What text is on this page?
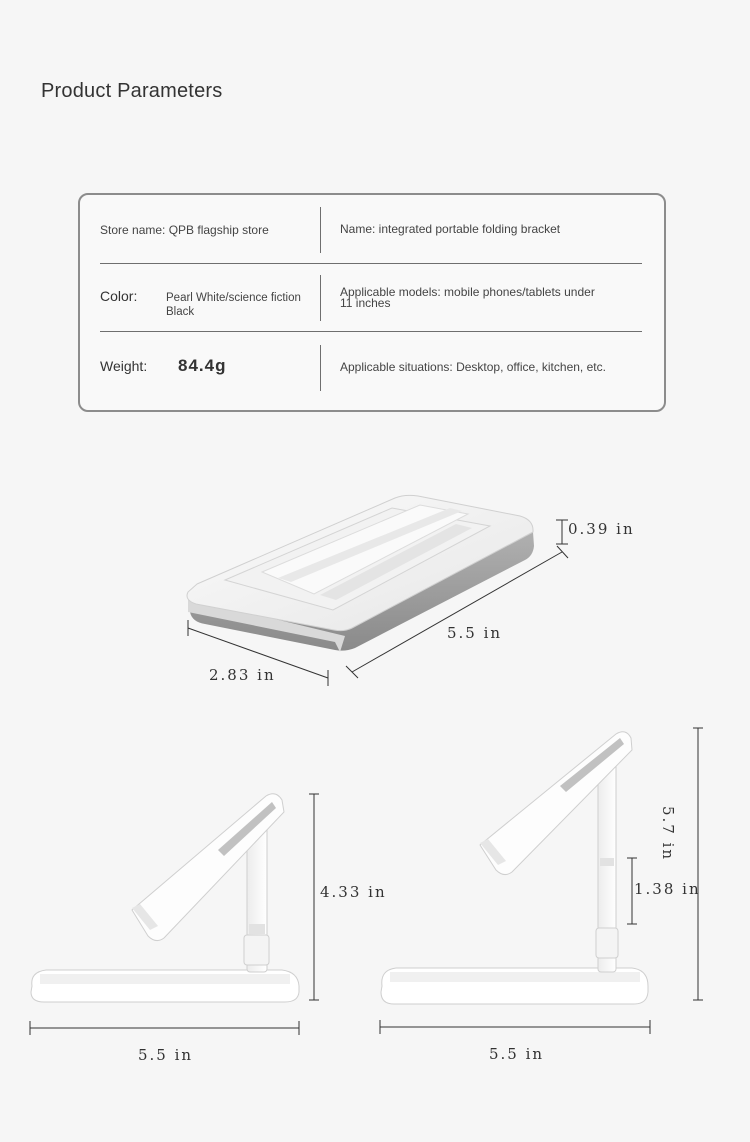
Product Parameters
Store name: QPB flagship store	Name: integrated portable folding bracket
Color: Pearl White/science fiction
Black
Applicable models: mobile phones/tablets under
11 inches
Weight: 84.4g	Applicable situations: Desktop, office, kitchen, etc.
0.39 in
5.5 in
2.83 in
4.33 in
5.5 in
5.7 in
1.38 in
5.5 in
